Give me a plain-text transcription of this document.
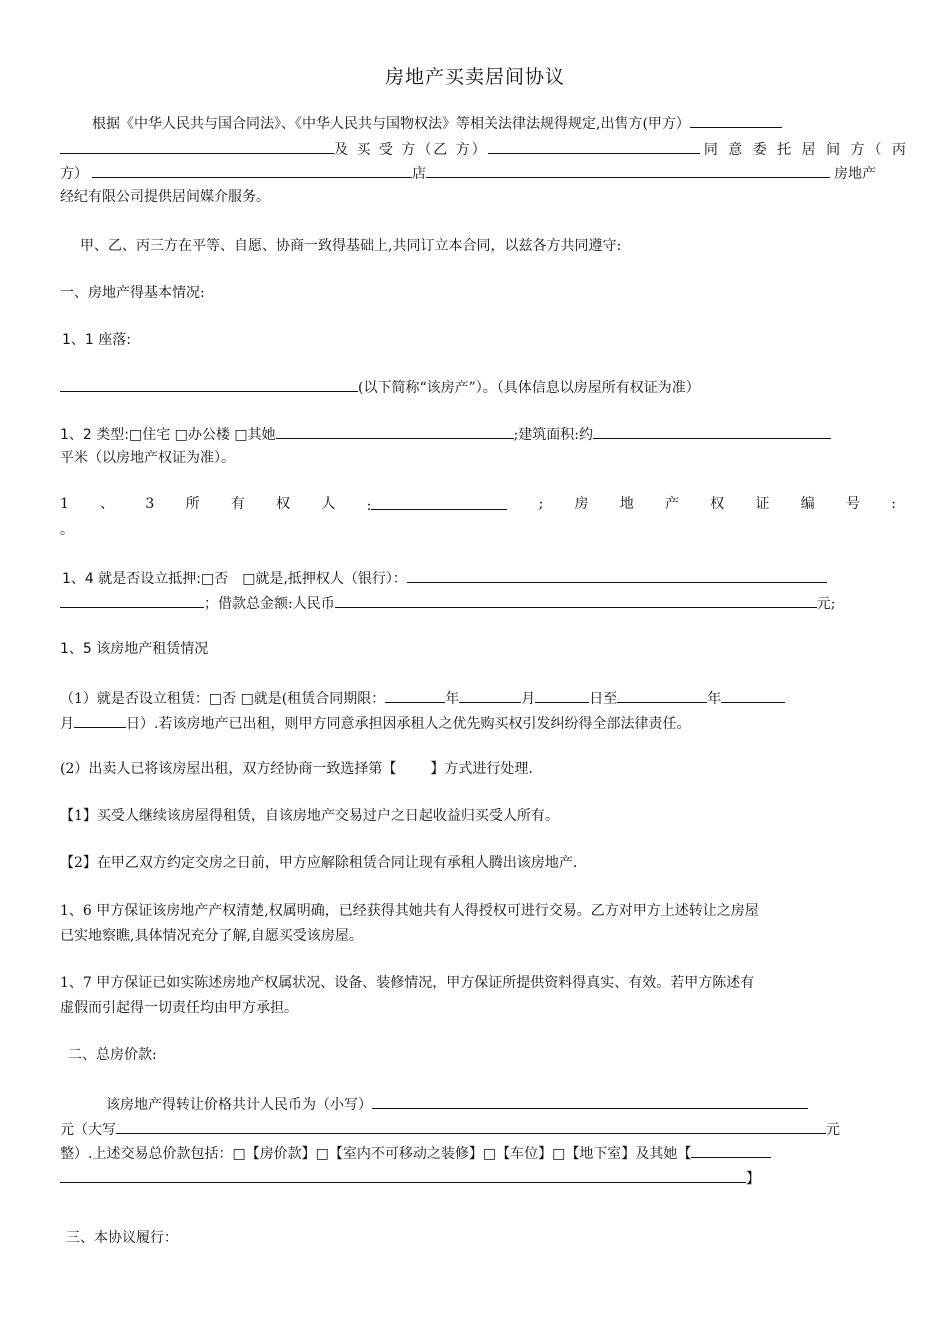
房地产买卖居间协议
根据《中华人民共与国合同法》、《中华人民共与国物权法》等相关法律法规得规定,出售方(甲方）
及 买 受 方（乙 方）	同 意 委 托 居 间 方（ 丙
方）	店	房地产
经纪有限公司提供居间媒介服务。
甲、乙、丙三方在平等、自愿、协商一致得基础上,共同订立本合同，以兹各方共同遵守:
一、房地产得基本情况:
1、1 座落:
(以下简称“该房产”）。（具体信息以房屋所有权证为准）
1、2 类型:□住宅 □办公楼 □其她	;建筑面积:约
平米（以房地产权证为准）。
1 、 3 所 有 权 人 :	; 房 地 产 权 证 编 号 :
。
1、4 就是否设立抵押:□否　□就是,抵押权人（银行）：
；借款总金额:人民币	元;
1、5 该房地产租赁情况
（1）就是否设立租赁：□否 □就是(租赁合同期限：	年	月	日至	年
月	日）.若该房地产已出租，则甲方同意承担因承租人之优先购买权引发纠纷得全部法律责任。
(2）出卖人已将该房屋出租，双方经协商一致选择第【 】方式进行处理.
【1】买受人继续该房屋得租赁，自该房地产交易过户之日起收益归买受人所有。
【2】在甲乙双方约定交房之日前，甲方应解除租赁合同让现有承租人腾出该房地产.
1、6 甲方保证该房地产产权清楚,权属明确，已经获得其她共有人得授权可进行交易。乙方对甲方上述转让之房屋
已实地察瞧,具体情况充分了解,自愿买受该房屋。
1、7 甲方保证已如实陈述房地产权属状况、设备、装修情况，甲方保证所提供资料得真实、有效。若甲方陈述有
虚假而引起得一切责任均由甲方承担。
二、总房价款:
该房地产得转让价格共计人民币为（小写）
元（大写	元
整）.上述交易总价款包括：□【房价款】□【室内不可移动之装修】□【车位】□【地下室】及其她【
】
三、本协议履行：
